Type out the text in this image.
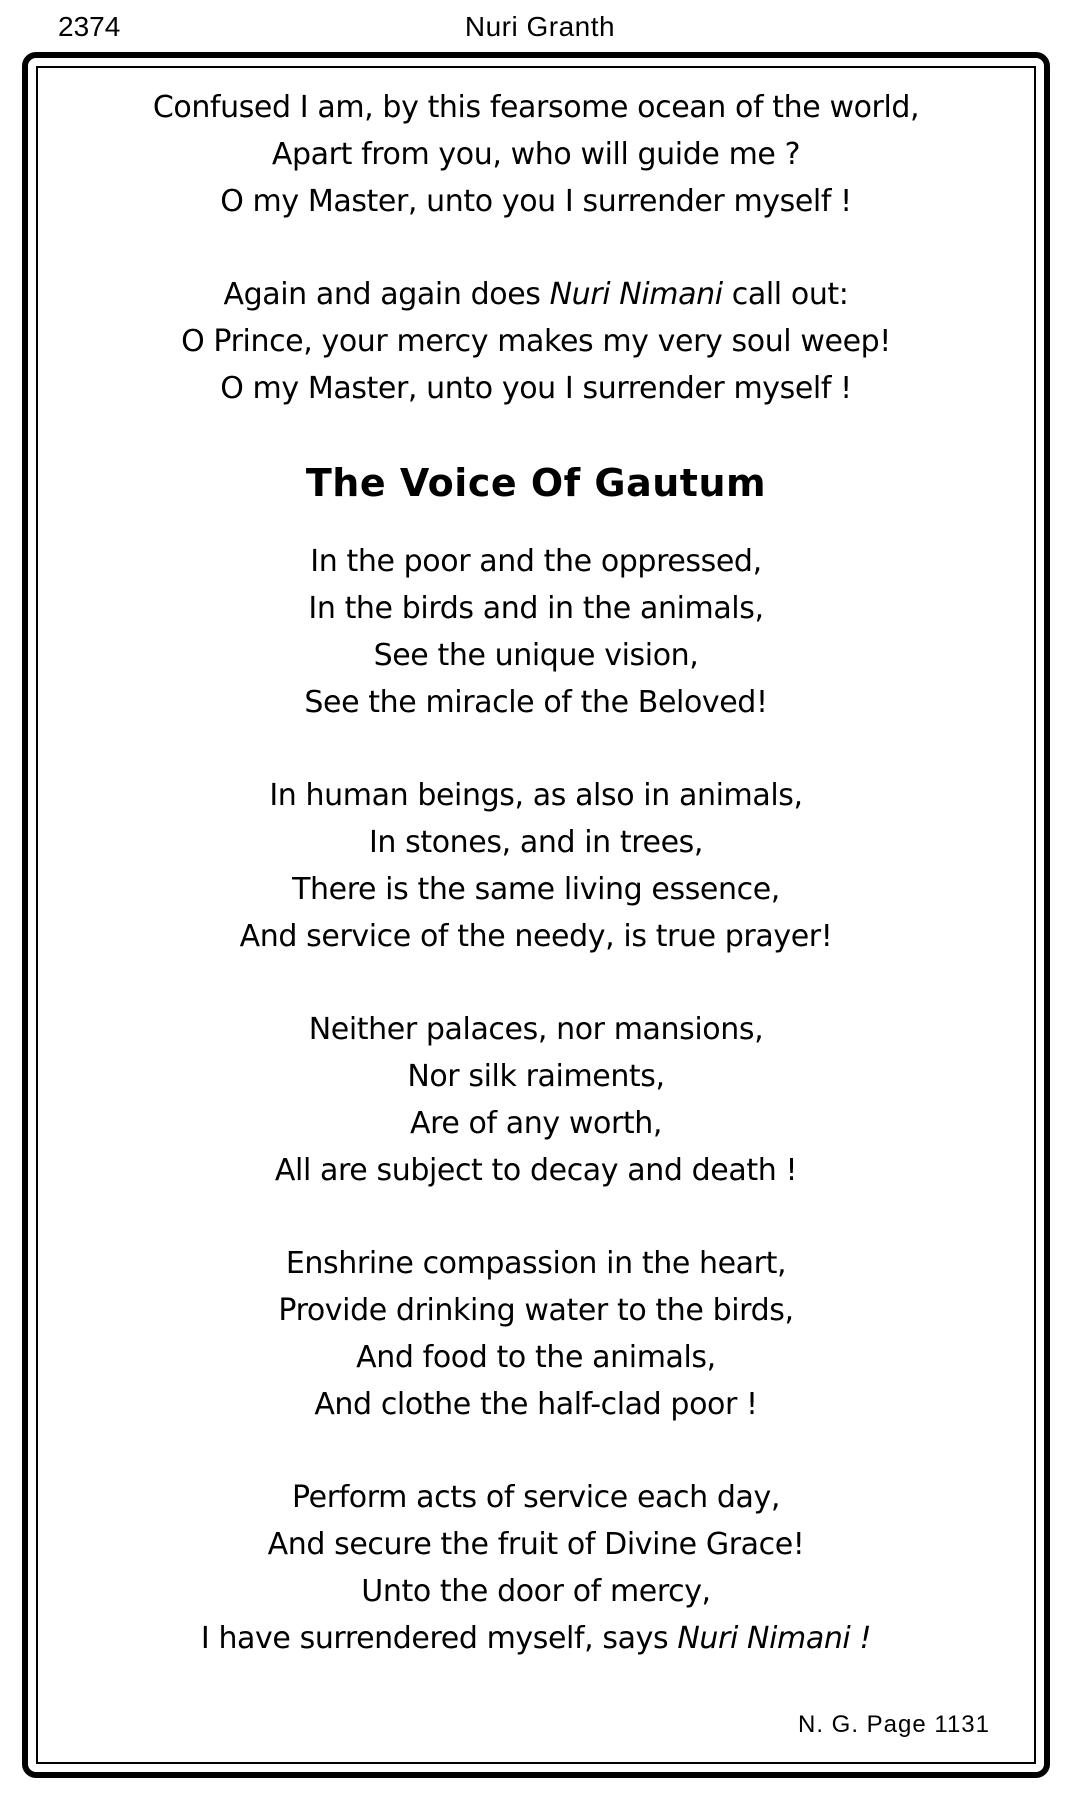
2374	Nuri Granth
Confused I am, by this fearsome ocean of the world,
Apart from you, who will guide me ?
O my Master, unto you I surrender myself !
Again and again does Nuri Nimani call out:
O Prince, your mercy makes my very soul weep!
O my Master, unto you I surrender myself !
The Voice Of Gautum
In the poor and the oppressed,
In the birds and in the animals,
See the unique vision,
See the miracle of the Beloved!
In human beings, as also in animals,
In stones, and in trees,
There is the same living essence,
And service of the needy, is true prayer!
Neither palaces, nor mansions,
Nor silk raiments,
Are of any worth,
All are subject to decay and death !
Enshrine compassion in the heart,
Provide drinking water to the birds,
And food to the animals,
And clothe the half-clad poor !
Perform acts of service each day,
And secure the fruit of Divine Grace!
Unto the door of mercy,
I have surrendered myself, says Nuri Nimani !
N. G. Page 1131
